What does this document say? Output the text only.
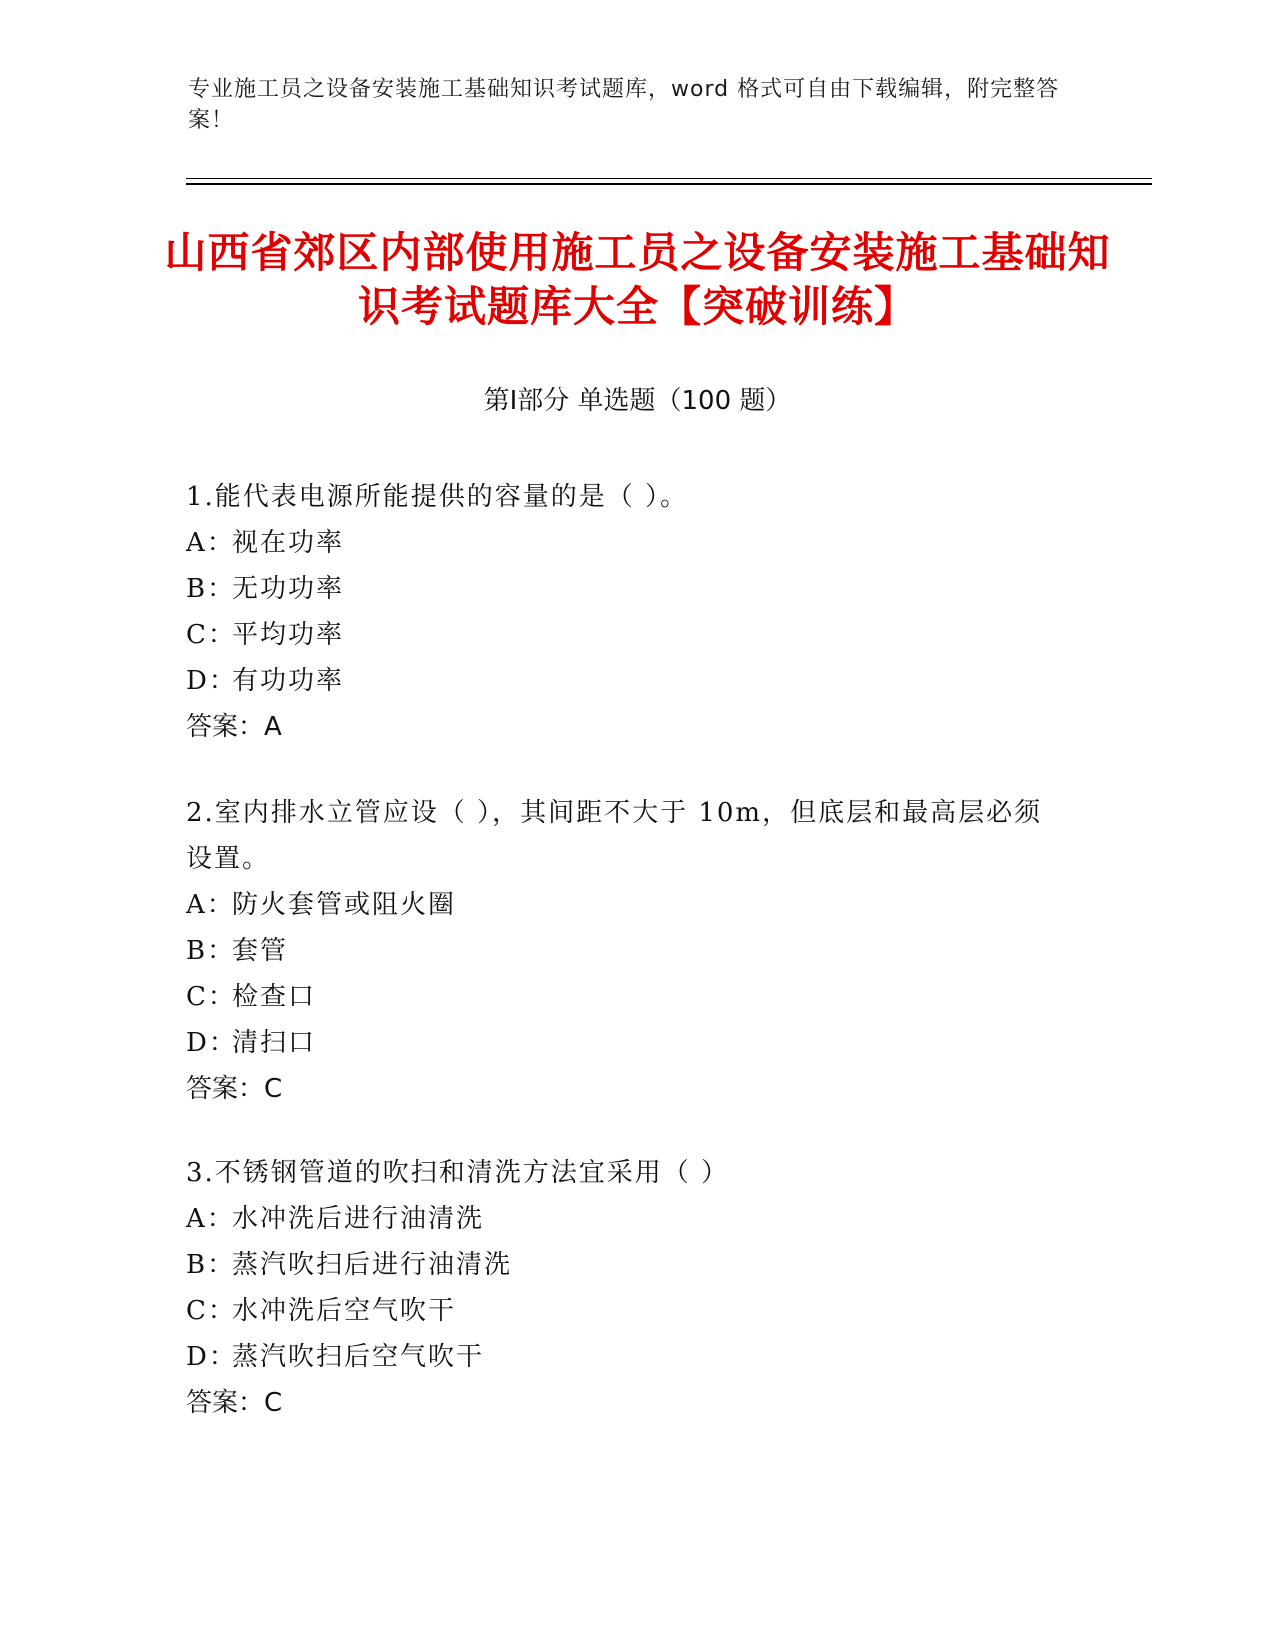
专业施工员之设备安装施工基础知识考试题库，word 格式可自由下载编辑，附完整答案！
山西省郊区内部使用施工员之设备安装施工基础知识考试题库大全【突破训练】
第Ⅰ部分 单选题（100 题）

1.能代表电源所能提供的容量的是（ ）。

A：视在功率

B：无功功率

C：平均功率

D：有功功率

答案：A

2.室内排水立管应设（ ），其间距不大于 10m，但底层和最高层必须设置。

A：防火套管或阻火圈

B：套管

C：检查口

D：清扫口

答案：C

3.不锈钢管道的吹扫和清洗方法宜采用（ ）

A：水冲洗后进行油清洗

B：蒸汽吹扫后进行油清洗

C：水冲洗后空气吹干

D：蒸汽吹扫后空气吹干

答案：C
